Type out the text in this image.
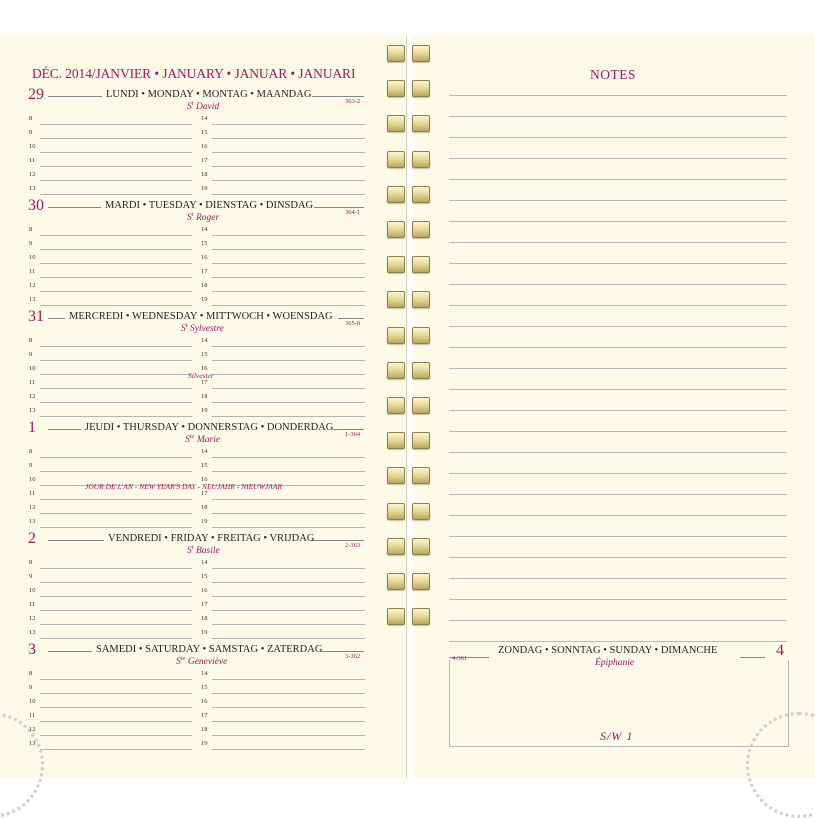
DÉC. 2014/JANVIER • JANUARY • JANUAR • JANUARI
29	LUNDI • MONDAY • MONTAG • MAANDAG
363-2
$S^t$ David
8	14
9	15
10	16
11	17
12	18
13	19
30	MARDI • TUESDAY • DIENSTAG • DINSDAG
364-1
$S^t$ Roger
8	14
9	15
10	16
11	17
12	18
13	19
31 MERCREDI • WEDNESDAY • MITTWOCH • WOENSDAG
365-0
$S^t$ Sylvestre
8	14
9	15
10	16
11	17
12	18
13	19
Silvester
1	JEUDI • THURSDAY • DONNERSTAG • DONDERDAG
1-364
$S^{te}$ Marie
8	14
9	15
10	16
11	17
12	18
13	19
JOUR DE L'AN - NEW YEAR'S DAY - NEUJAHR - NIEUWJAAR
2	VENDREDI • FRIDAY • FREITAG • VRIJDAG
2-363
$S^t$ Basile
8	14
9	15
10	16
11	17
12	18
13	19
3	SAMEDI • SATURDAY • SAMSTAG • ZATERDAG
3-362
$S^{te}$ Geneviève
8	14
9	15
10	16
11	17
12	18
13	19
NOTES
4-361
ZONDAG • SONNTAG • SUNDAY • DIMANCHE	4
Épiphanie
S/W 1
